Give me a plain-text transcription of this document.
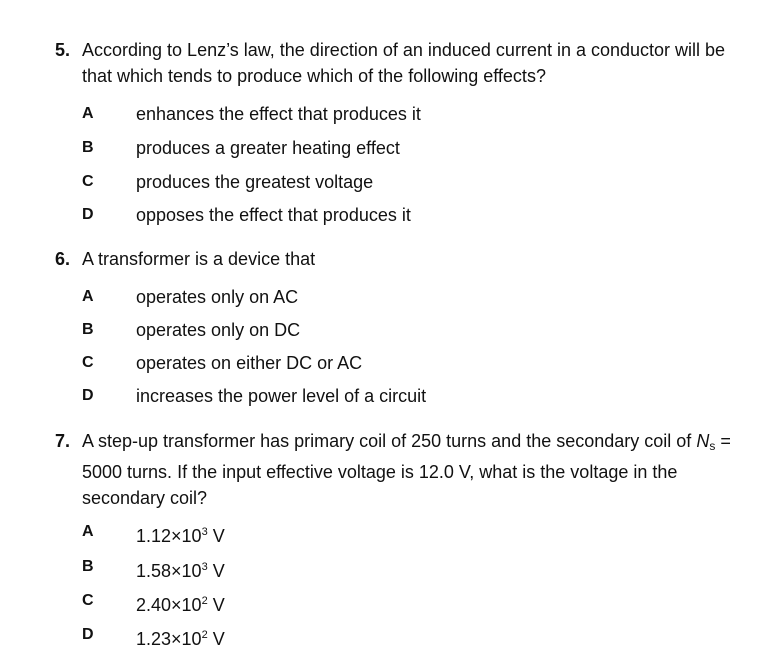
5. According to Lenz’s law, the direction of an induced current in a conductor will be that which tends to produce which of the following effects?
A	enhances the effect that produces it
B	produces a greater heating effect
C	produces the greatest voltage
D	opposes the effect that produces it
6. A transformer is a device that
A	operates only on AC
B	operates only on DC
C	operates on either DC or AC
D	increases the power level of a circuit
7. A step-up transformer has primary coil of 250 turns and the secondary coil of $N_s = 5000$ turns. If the input effective voltage is 12.0 V, what is the voltage in the secondary coil?
A	$1.12\times 10^3$ V
B	$1.58\times 10^3$ V
C	$2.40\times 10^2$ V
D	$1.23\times 10^2$ V
